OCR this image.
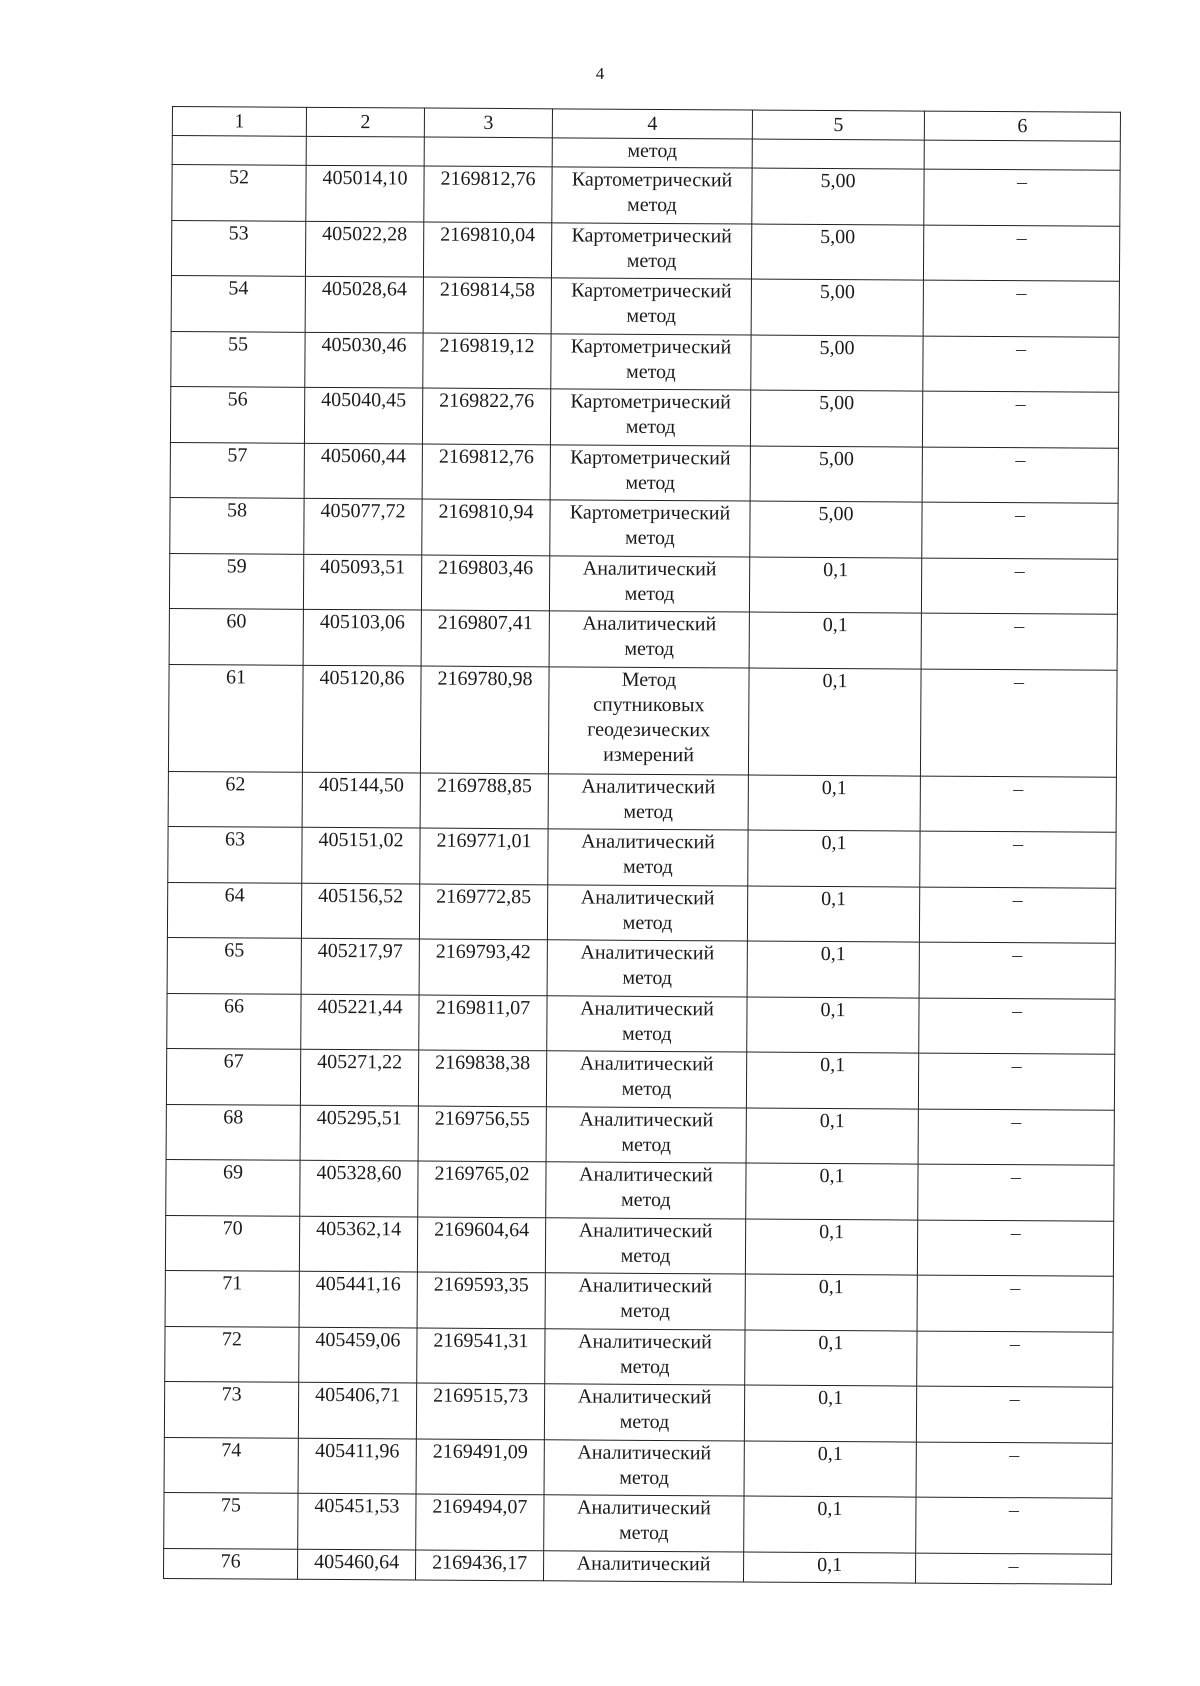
4
1	2	3	4	5	6
			метод		
52	405014,10	2169812,76	Картометрический
метод	5,00	–
53	405022,28	2169810,04	Картометрический
метод	5,00	–
54	405028,64	2169814,58	Картометрический
метод	5,00	–
55	405030,46	2169819,12	Картометрический
метод	5,00	–
56	405040,45	2169822,76	Картометрический
метод	5,00	–
57	405060,44	2169812,76	Картометрический
метод	5,00	–
58	405077,72	2169810,94	Картометрический
метод	5,00	–
59	405093,51	2169803,46	Аналитический
метод	0,1	–
60	405103,06	2169807,41	Аналитический
метод	0,1	–
61	405120,86	2169780,98	Метод
спутниковых
геодезических
измерений	0,1	–
62	405144,50	2169788,85	Аналитический
метод	0,1	–
63	405151,02	2169771,01	Аналитический
метод	0,1	–
64	405156,52	2169772,85	Аналитический
метод	0,1	–
65	405217,97	2169793,42	Аналитический
метод	0,1	–
66	405221,44	2169811,07	Аналитический
метод	0,1	–
67	405271,22	2169838,38	Аналитический
метод	0,1	–
68	405295,51	2169756,55	Аналитический
метод	0,1	–
69	405328,60	2169765,02	Аналитический
метод	0,1	–
70	405362,14	2169604,64	Аналитический
метод	0,1	–
71	405441,16	2169593,35	Аналитический
метод	0,1	–
72	405459,06	2169541,31	Аналитический
метод	0,1	–
73	405406,71	2169515,73	Аналитический
метод	0,1	–
74	405411,96	2169491,09	Аналитический
метод	0,1	–
75	405451,53	2169494,07	Аналитический
метод	0,1	–
76	405460,64	2169436,17	Аналитический	0,1	–
